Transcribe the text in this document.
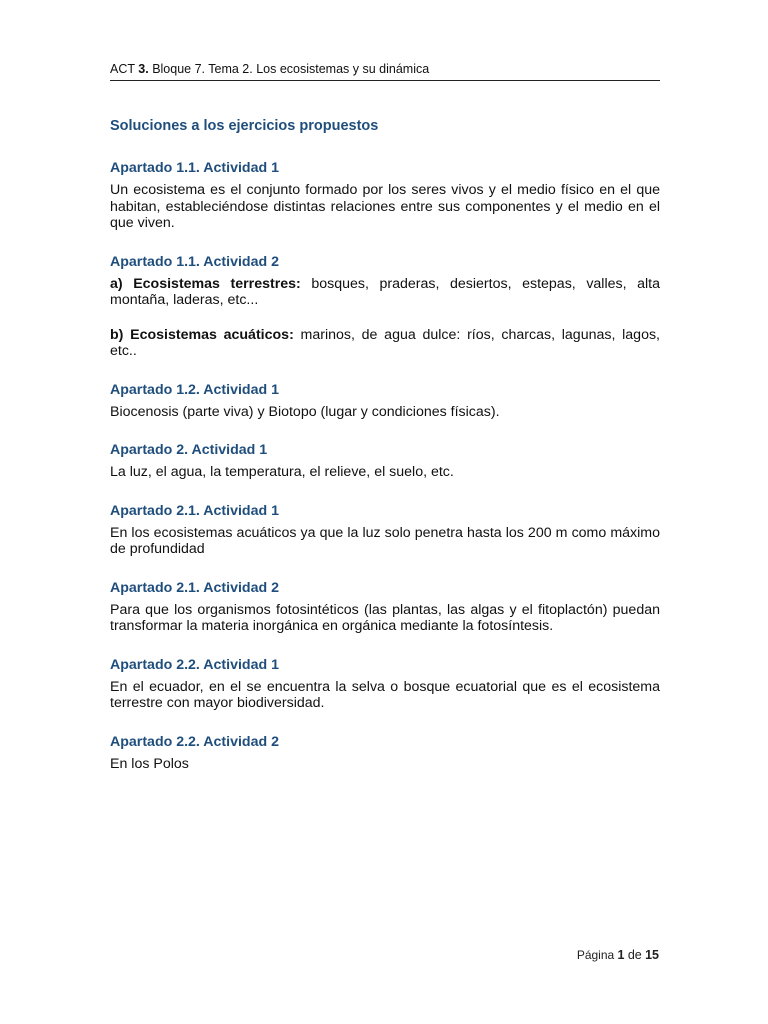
ACT 3. Bloque 7. Tema 2. Los ecosistemas y su dinámica
Soluciones a los ejercicios propuestos
Apartado 1.1. Actividad 1

Un ecosistema es el conjunto formado por los seres vivos y el medio físico en el que habitan, estableciéndose distintas relaciones entre sus componentes y el medio en el que viven.

Apartado 1.1. Actividad 2

a) Ecosistemas terrestres: bosques, praderas, desiertos, estepas, valles, alta montaña, laderas, etc...

b) Ecosistemas acuáticos: marinos, de agua dulce: ríos, charcas, lagunas, lagos, etc..

Apartado 1.2. Actividad 1

Biocenosis (parte viva) y Biotopo (lugar y condiciones físicas).

Apartado 2. Actividad 1

La luz, el agua, la temperatura, el relieve, el suelo, etc.

Apartado 2.1. Actividad 1

En los ecosistemas acuáticos ya que la luz solo penetra hasta los 200 m como máximo de profundidad

Apartado 2.1. Actividad 2

Para que los organismos fotosintéticos (las plantas, las algas y el fitoplactón) puedan transformar la materia inorgánica en orgánica mediante la fotosíntesis.

Apartado 2.2. Actividad 1

En el ecuador, en el se encuentra la selva o bosque ecuatorial que es el ecosistema terrestre con mayor biodiversidad.

Apartado 2.2. Actividad 2

En los Polos

Página 1 de 15
